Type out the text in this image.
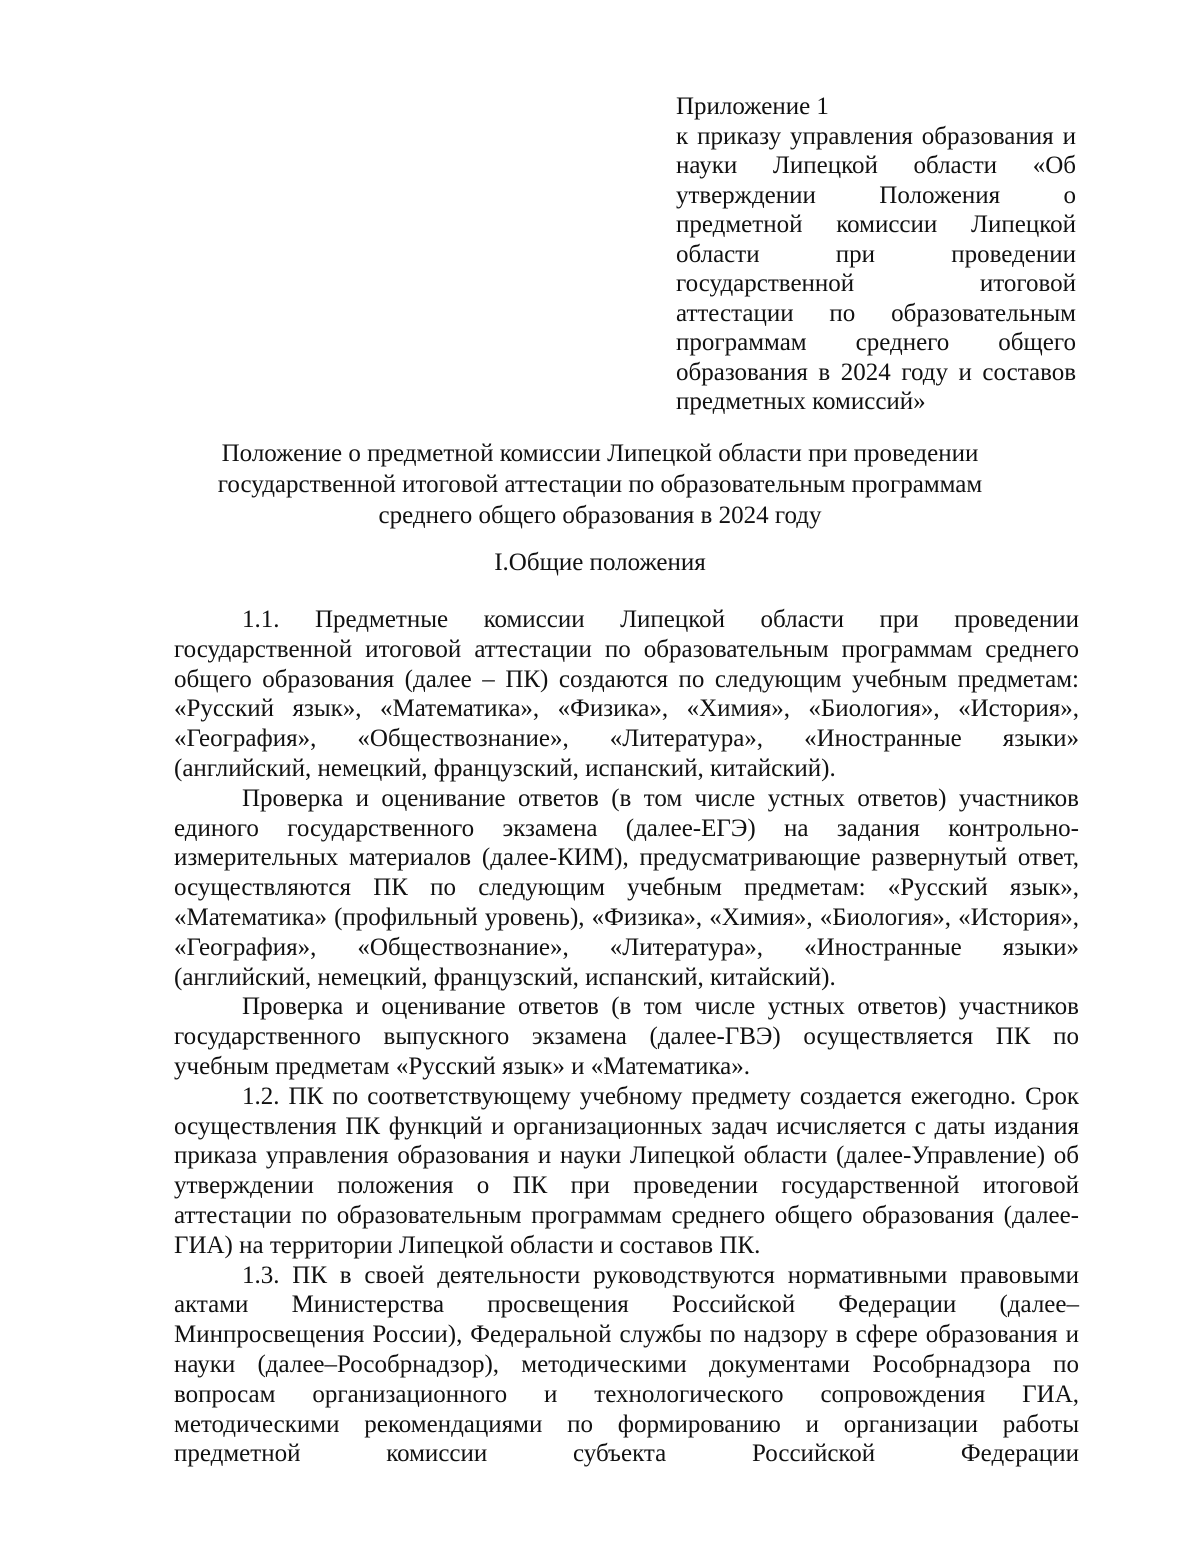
Приложение 1
к приказу управления образования и науки Липецкой области «Об утверждении Положения о предметной комиссии Липецкой области при проведении государственной итоговой аттестации по образовательным программам среднего общего образования в 2024 году и составов предметных комиссий»
Положение о предметной комиссии Липецкой области при проведении
государственной итоговой аттестации по образовательным программам
среднего общего образования в 2024 году
I.Общие положения

1.1. Предметные комиссии Липецкой области при проведении государственной итоговой аттестации по образовательным программам среднего общего образования (далее – ПК) создаются по следующим учебным предметам: «Русский язык», «Математика», «Физика», «Химия», «Биология», «История», «География», «Обществознание», «Литература», «Иностранные языки» (английский, немецкий, французский, испанский, китайский).

Проверка и оценивание ответов (в том числе устных ответов) участников единого государственного экзамена (далее-ЕГЭ) на задания контрольно-измерительных материалов (далее-КИМ), предусматривающие развернутый ответ, осуществляются ПК по следующим учебным предметам: «Русский язык», «Математика» (профильный уровень), «Физика», «Химия», «Биология», «История», «География», «Обществознание», «Литература», «Иностранные языки» (английский, немецкий, французский, испанский, китайский).

Проверка и оценивание ответов (в том числе устных ответов) участников государственного выпускного экзамена (далее-ГВЭ) осуществляется ПК по учебным предметам «Русский язык» и «Математика».

1.2. ПК по соответствующему учебному предмету создается ежегодно. Срок осуществления ПК функций и организационных задач исчисляется с даты издания приказа управления образования и науки Липецкой области (далее-Управление) об утверждении положения о ПК при проведении государственной итоговой аттестации по образовательным программам среднего общего образования (далее-ГИА) на территории Липецкой области и составов ПК.

1.3. ПК в своей деятельности руководствуются нормативными правовыми актами Министерства просвещения Российской Федерации (далее–Минпросвещения России), Федеральной службы по надзору в сфере образования и науки (далее–Рособрнадзор), методическими документами Рособрнадзора по вопросам организационного и технологического сопровождения ГИА, методическими рекомендациями по формированию и организации работы предметной комиссии субъекта Российской Федерации
